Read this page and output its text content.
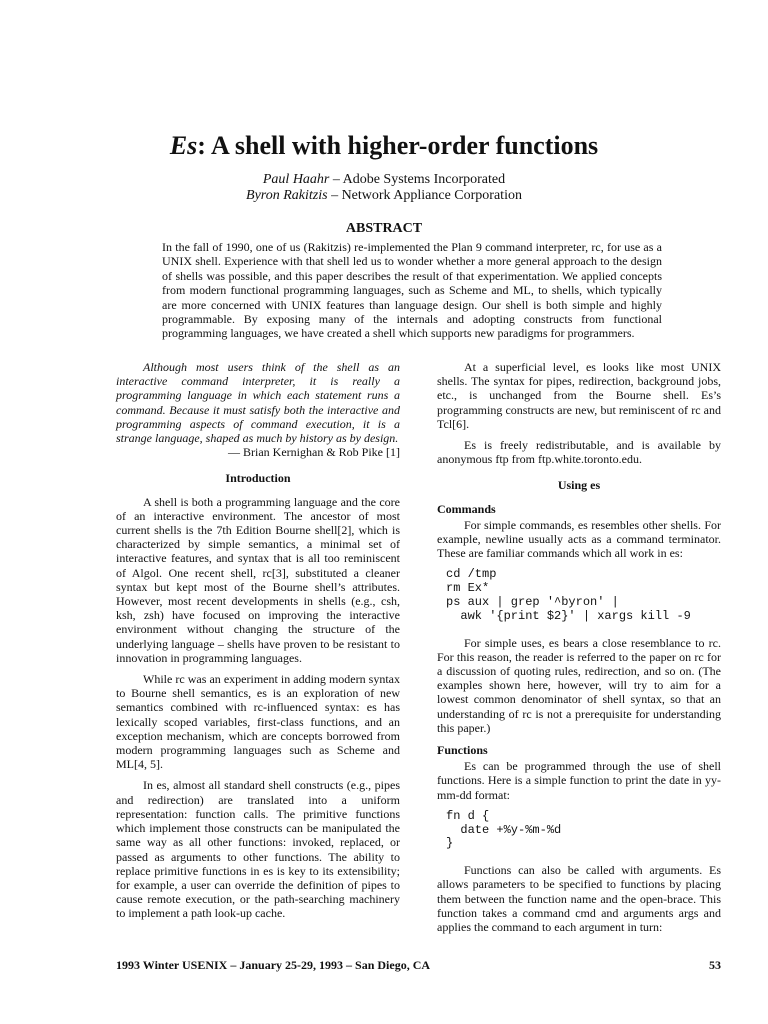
Es: A shell with higher-order functions
Paul Haahr – Adobe Systems Incorporated
Byron Rakitzis – Network Appliance Corporation
ABSTRACT
In the fall of 1990, one of us (Rakitzis) re-implemented the Plan 9 command interpreter, rc, for use as a UNIX shell. Experience with that shell led us to wonder whether a more general approach to the design of shells was possible, and this paper describes the result of that experimentation. We applied concepts from modern functional programming languages, such as Scheme and ML, to shells, which typically are more concerned with UNIX features than language design. Our shell is both simple and highly programmable. By exposing many of the internals and adopting constructs from functional programming languages, we have created a shell which supports new paradigms for programmers.

Although most users think of the shell as an interactive command interpreter, it is really a programming language in which each statement runs a command. Because it must satisfy both the interactive and programming aspects of command execution, it is a strange language, shaped as much by history as by design.

— Brian Kernighan & Rob Pike [1]
Introduction

A shell is both a programming language and the core of an interactive environment. The ancestor of most current shells is the 7th Edition Bourne shell[2], which is characterized by simple semantics, a minimal set of interactive features, and syntax that is all too reminiscent of Algol. One recent shell, rc[3], substituted a cleaner syntax but kept most of the Bourne shell’s attributes. However, most recent developments in shells (e.g., csh, ksh, zsh) have focused on improving the interactive environment without changing the structure of the underlying language – shells have proven to be resistant to innovation in programming languages.

While rc was an experiment in adding modern syntax to Bourne shell semantics, es is an exploration of new semantics combined with rc-influenced syntax: es has lexically scoped variables, first-class functions, and an exception mechanism, which are concepts borrowed from modern programming languages such as Scheme and ML[4, 5].

In es, almost all standard shell constructs (e.g., pipes and redirection) are translated into a uniform representation: function calls. The primitive functions which implement those constructs can be manipulated the same way as all other functions: invoked, replaced, or passed as arguments to other functions. The ability to replace primitive functions in es is key to its extensibility; for example, a user can override the definition of pipes to cause remote execution, or the path-searching machinery to implement a path look-up cache.

At a superficial level, es looks like most UNIX shells. The syntax for pipes, redirection, background jobs, etc., is unchanged from the Bourne shell. Es’s programming constructs are new, but reminiscent of rc and Tcl[6].

Es is freely redistributable, and is available by anonymous ftp from ftp.white.toronto.edu.

Using es
Commands

For simple commands, es resembles other shells. For example, newline usually acts as a command terminator. These are familiar commands which all work in es:

cd /tmp
rm Ex*
ps aux | grep '^byron' |
awk '{print $2}' | xargs kill -9

For simple uses, es bears a close resemblance to rc. For this reason, the reader is referred to the paper on rc for a discussion of quoting rules, redirection, and so on. (The examples shown here, however, will try to aim for a lowest common denominator of shell syntax, so that an understanding of rc is not a prerequisite for understanding this paper.)

Functions

Es can be programmed through the use of shell functions. Here is a simple function to print the date in yy-mm-dd format:

fn d {
date +%y-%m-%d
}

Functions can also be called with arguments. Es allows parameters to be specified to functions by placing them between the function name and the open-brace. This function takes a command cmd and arguments args and applies the command to each argument in turn:

1993 Winter USENIX – January 25-29, 1993 – San Diego, CA	53
